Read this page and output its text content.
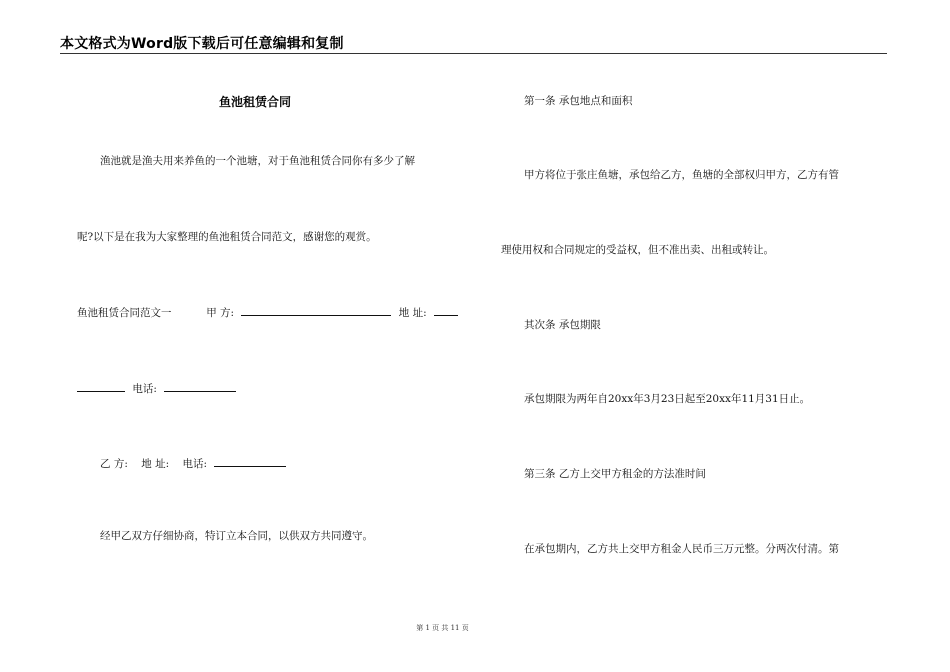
本文格式为Word版下载后可任意编辑和复制
鱼池租赁合同
渔池就是渔夫用来养鱼的一个池塘，对于鱼池租赁合同你有多少了解
呢?以下是在我为大家整理的鱼池租赁合同范文，感谢您的观赏。
鱼池租赁合同范文一	甲 方:	地 址:
电话:
乙 方: 地 址: 电话:
经甲乙双方仔细协商，特订立本合同，以供双方共同遵守。
第一条 承包地点和面积
甲方将位于张庄鱼塘，承包给乙方，鱼塘的全部权归甲方，乙方有管
理使用权和合同规定的受益权，但不准出卖、出租或转让。
其次条 承包期限
承包期限为两年自20xx年3月23日起至20xx年11月31日止。
第三条 乙方上交甲方租金的方法准时间
在承包期内，乙方共上交甲方租金人民币三万元整。分两次付清。第
第 1 页 共 11 页
